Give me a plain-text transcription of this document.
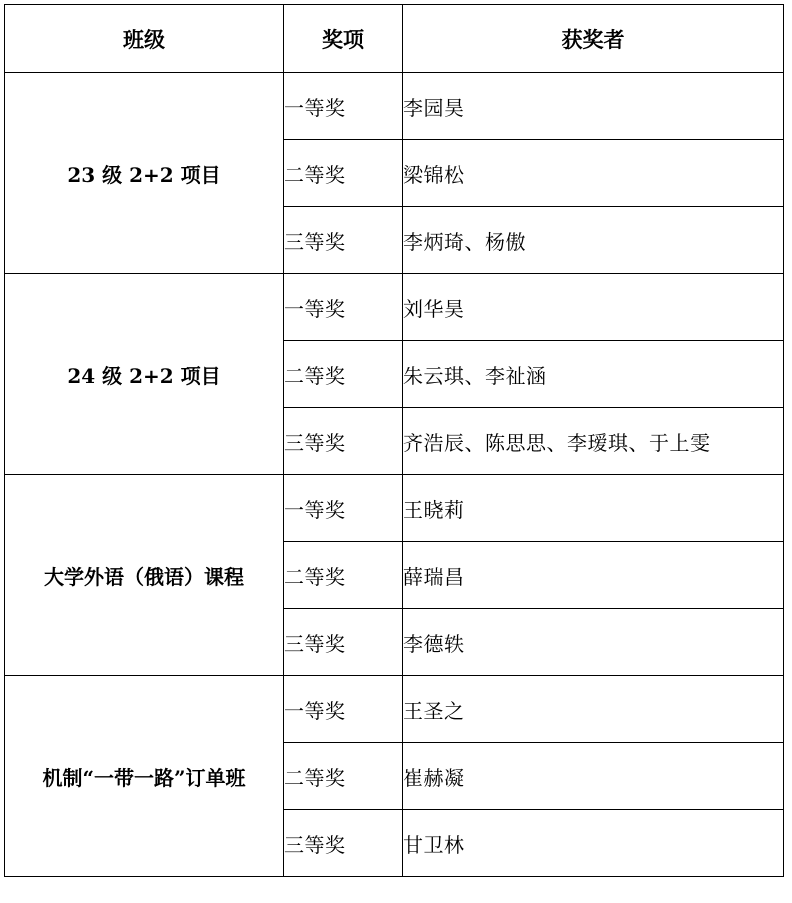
班级	奖项	获奖者
23 级 2+2 项目	一等奖	李园昊
	二等奖	梁锦松
	三等奖	李炳琦、杨傲
24 级 2+2 项目	一等奖	刘华昊
	二等奖	朱云琪、李祉涵
	三等奖	齐浩辰、陈思思、李瑷琪、于上雯
大学外语（俄语）课程	一等奖	王晓莉
	二等奖	薛瑞昌
	三等奖	李德轶
机制“一带一路”订单班	一等奖	王圣之
	二等奖	崔赫凝
	三等奖	甘卫林
